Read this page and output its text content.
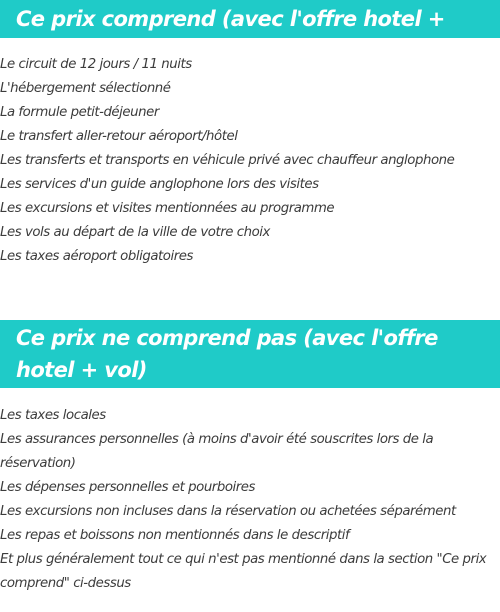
Ce prix comprend (avec l'offre hotel + vol)
Le circuit de 12 jours / 11 nuits
L'hébergement sélectionné
La formule petit-déjeuner
Le transfert aller-retour aéroport/hôtel
Les transferts et transports en véhicule privé avec chauffeur anglophone
Les services d'un guide anglophone lors des visites
Les excursions et visites mentionnées au programme
Les vols au départ de la ville de votre choix
Les taxes aéroport obligatoires
Ce prix ne comprend pas (avec l'offre hotel + vol)
Les taxes locales
Les assurances personnelles (à moins d'avoir été souscrites lors de la réservation)
Les dépenses personnelles et pourboires
Les excursions non incluses dans la réservation ou achetées séparément
Les repas et boissons non mentionnés dans le descriptif
Et plus généralement tout ce qui n'est pas mentionné dans la section "Ce prix comprend" ci-dessus
